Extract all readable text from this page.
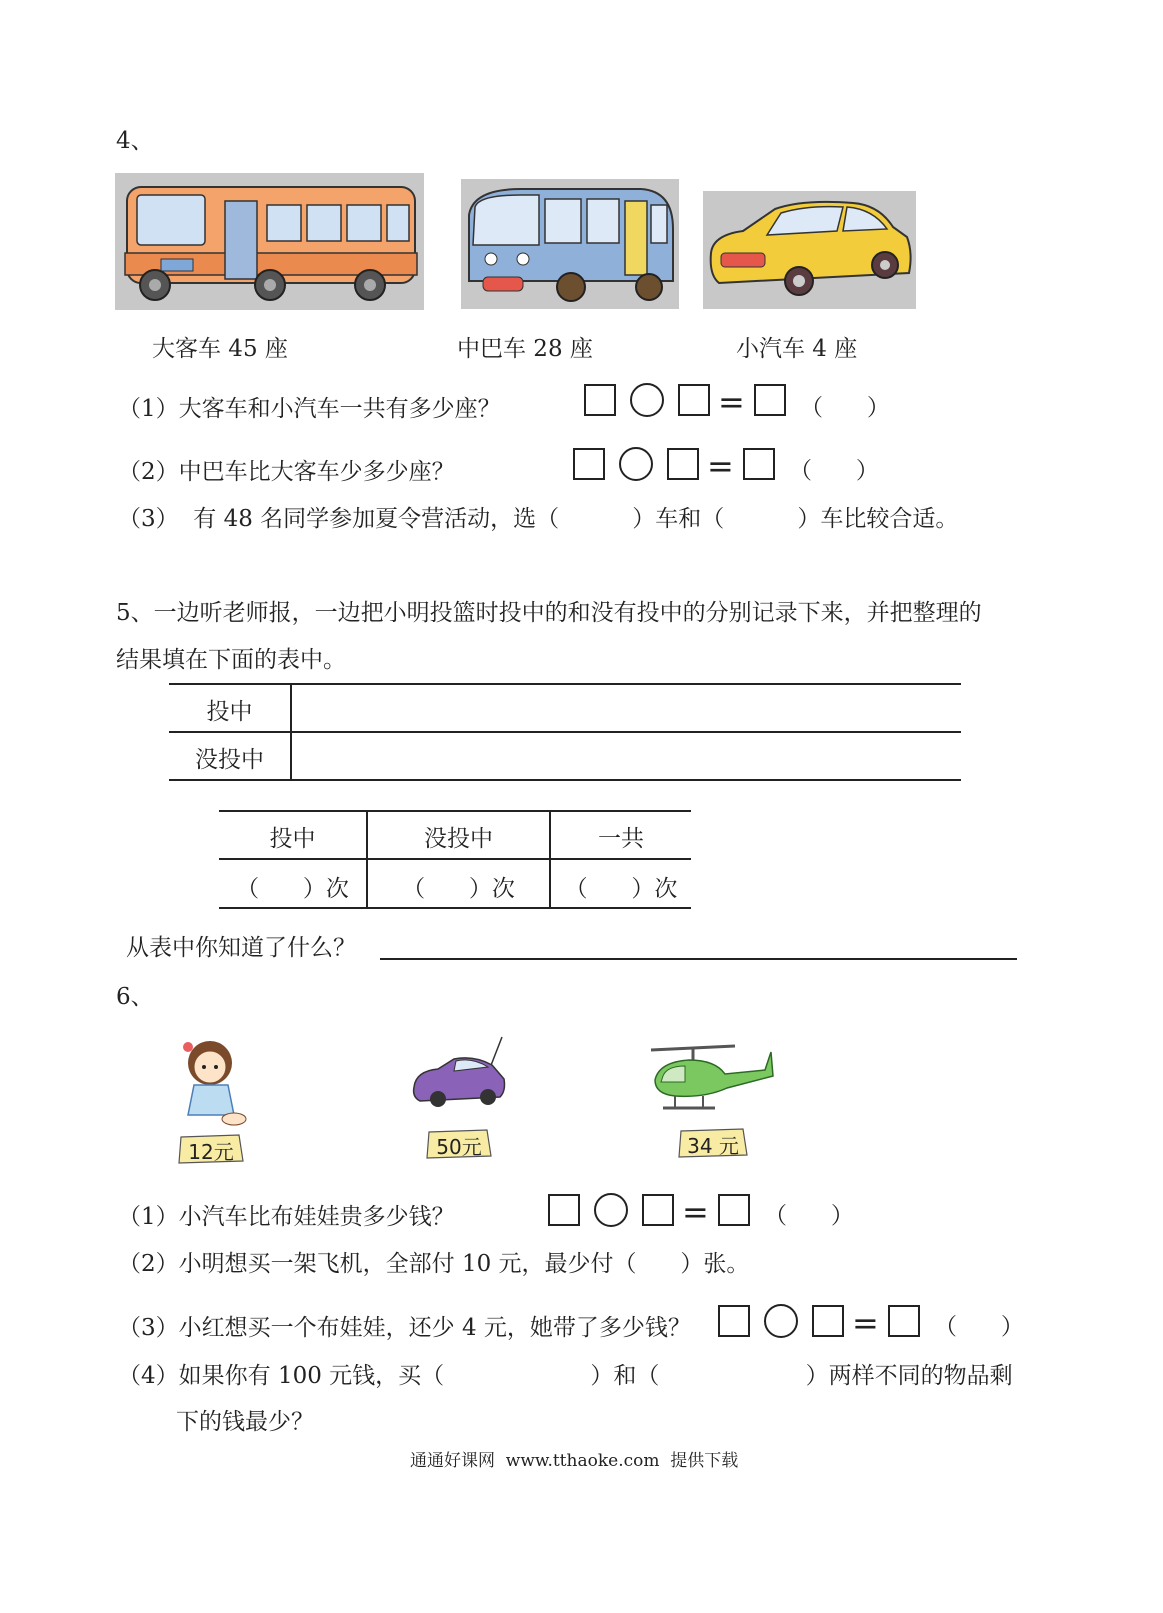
4、
大客车 45 座	中巴车 28 座	小汽车 4 座
（1）大客车和小汽车一共有多少座？	= （      ）
（2）中巴车比大客车少多少座？	= （      ）
（3）  有 48 名同学参加夏令营活动，选（          ）车和（          ）车比较合适。
5、一边听老师报，一边把小明投篮时投中的和没有投中的分别记录下来，并把整理的
结果填在下面的表中。
投中
没投中
投中	没投中	一共
（      ）次	（      ）次	（      ）次
从表中你知道了什么？
6、
12元	50元	34 元
（1）小汽车比布娃娃贵多少钱？	= （      ）
（2）小明想买一架飞机，全部付 10 元，最少付（      ）张。
（3）小红想买一个布娃娃，还少 4 元，她带了多少钱？	= （      ）
（4）如果你有 100 元钱，买（                    ）和（                    ）两样不同的物品剩
下的钱最少？
通通好课网  www.tthaoke.com  提供下载
